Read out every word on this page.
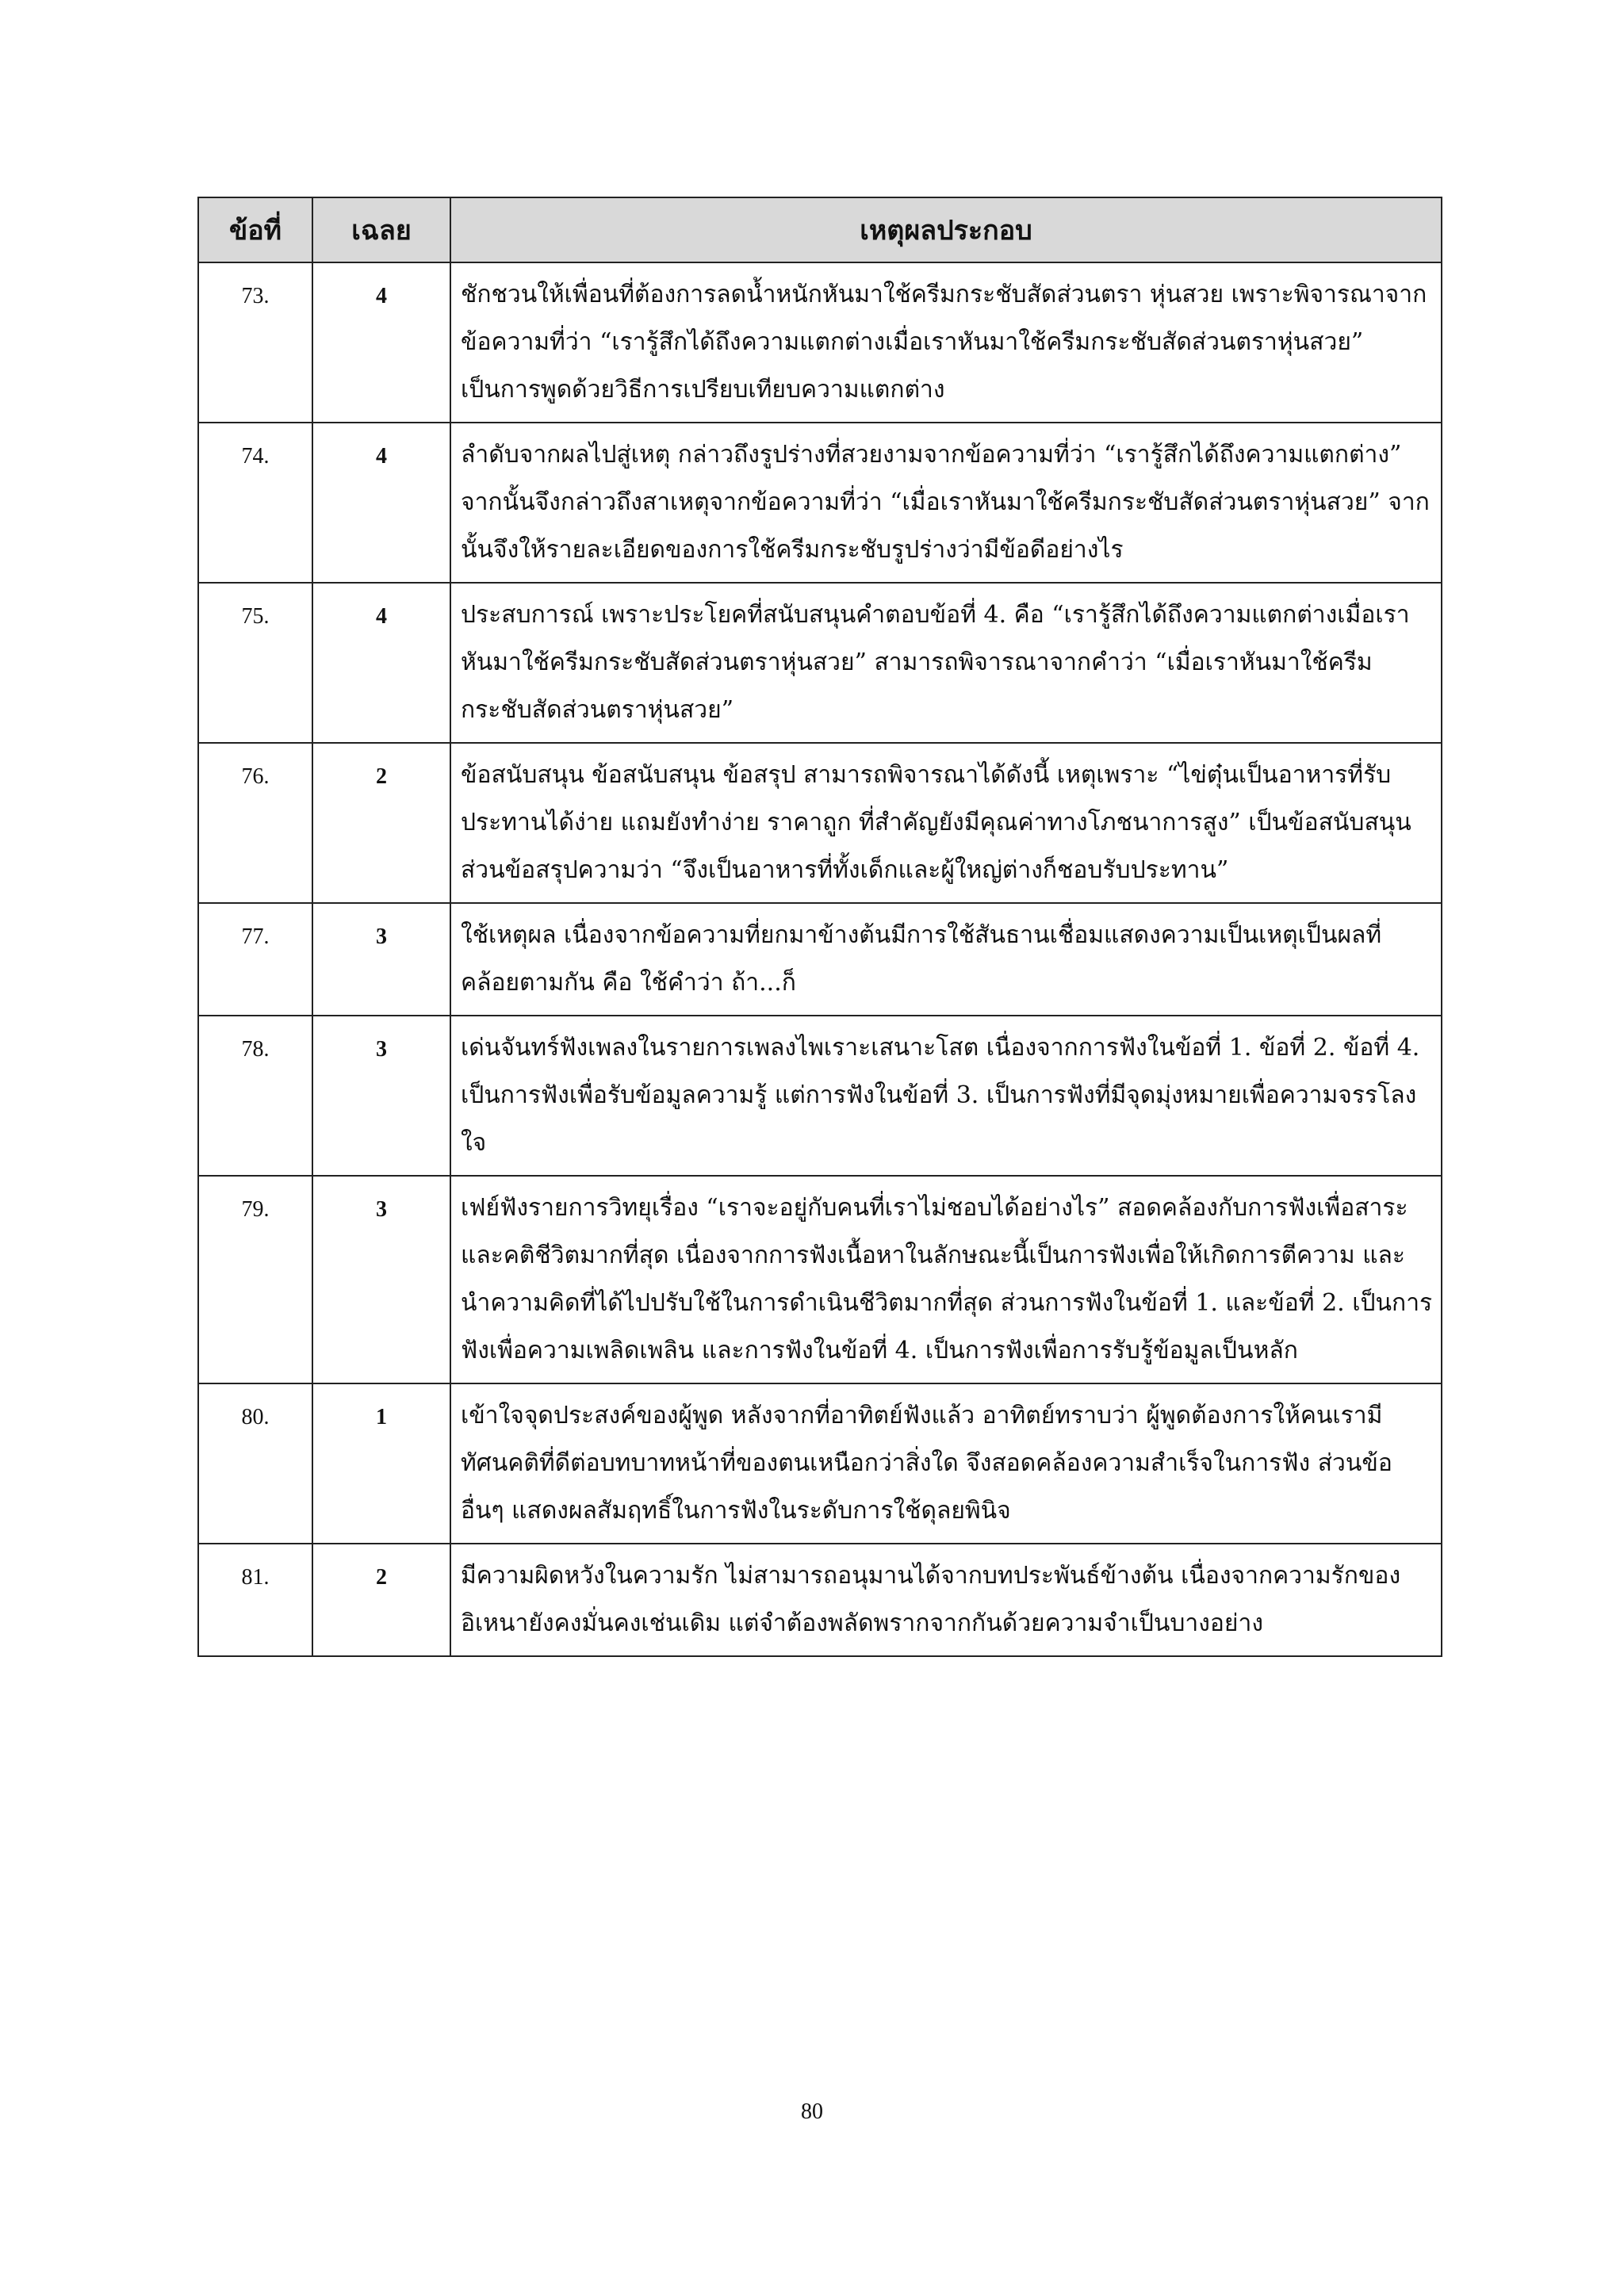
ข้อที่	เฉลย	เหตุผลประกอบ
73.	4	ชักชวนให้เพื่อนที่ต้องการลดน้ำหนักหันมาใช้ครีมกระชับสัดส่วนตรา หุ่นสวย เพราะพิจารณาจากข้อความที่ว่า “เรารู้สึกได้ถึงความแตกต่างเมื่อเราหันมาใช้ครีมกระชับสัดส่วนตราหุ่นสวย” เป็นการพูดด้วยวิธีการเปรียบเทียบความแตกต่าง
74.	4	ลำดับจากผลไปสู่เหตุ กล่าวถึงรูปร่างที่สวยงามจากข้อความที่ว่า “เรารู้สึกได้ถึงความแตกต่าง” จากนั้นจึงกล่าวถึงสาเหตุจากข้อความที่ว่า “เมื่อเราหันมาใช้ครีมกระชับสัดส่วนตราหุ่นสวย” จากนั้นจึงให้รายละเอียดของการใช้ครีมกระชับรูปร่างว่ามีข้อดีอย่างไร
75.	4	ประสบการณ์ เพราะประโยคที่สนับสนุนคำตอบข้อที่ 4. คือ “เรารู้สึกได้ถึงความแตกต่างเมื่อเราหันมาใช้ครีมกระชับสัดส่วนตราหุ่นสวย” สามารถพิจารณาจากคำว่า “เมื่อเราหันมาใช้ครีมกระชับสัดส่วนตราหุ่นสวย”
76.	2	ข้อสนับสนุน ข้อสนับสนุน ข้อสรุป สามารถพิจารณาได้ดังนี้ เหตุเพราะ “ไข่ตุ๋นเป็นอาหารที่รับประทานได้ง่าย แถมยังทำง่าย ราคาถูก ที่สำคัญยังมีคุณค่าทางโภชนาการสูง” เป็นข้อสนับสนุน ส่วนข้อสรุปความว่า “จึงเป็นอาหารที่ทั้งเด็กและผู้ใหญ่ต่างก็ชอบรับประทาน”
77.	3	ใช้เหตุผล เนื่องจากข้อความที่ยกมาข้างต้นมีการใช้สันธานเชื่อมแสดงความเป็นเหตุเป็นผลที่คล้อยตามกัน คือ ใช้คำว่า ถ้า...ก็
78.	3	เด่นจันทร์ฟังเพลงในรายการเพลงไพเราะเสนาะโสต เนื่องจากการฟังในข้อที่ 1. ข้อที่ 2. ข้อที่ 4. เป็นการฟังเพื่อรับข้อมูลความรู้ แต่การฟังในข้อที่ 3. เป็นการฟังที่มีจุดมุ่งหมายเพื่อความจรรโลงใจ
79.	3	เฟย์ฟังรายการวิทยุเรื่อง “เราจะอยู่กับคนที่เราไม่ชอบได้อย่างไร” สอดคล้องกับการฟังเพื่อสาระและคติชีวิตมากที่สุด เนื่องจากการฟังเนื้อหาในลักษณะนี้เป็นการฟังเพื่อให้เกิดการตีความ และนำความคิดที่ได้ไปปรับใช้ในการดำเนินชีวิตมากที่สุด ส่วนการฟังในข้อที่ 1. และข้อที่ 2. เป็นการฟังเพื่อความเพลิดเพลิน และการฟังในข้อที่ 4. เป็นการฟังเพื่อการรับรู้ข้อมูลเป็นหลัก
80.	1	เข้าใจจุดประสงค์ของผู้พูด หลังจากที่อาทิตย์ฟังแล้ว อาทิตย์ทราบว่า ผู้พูดต้องการให้คนเรามีทัศนคติที่ดีต่อบทบาทหน้าที่ของตนเหนือกว่าสิ่งใด จึงสอดคล้องความสำเร็จในการฟัง ส่วนข้ออื่นๆ แสดงผลสัมฤทธิ์ในการฟังในระดับการใช้ดุลยพินิจ
81.	2	มีความผิดหวังในความรัก ไม่สามารถอนุมานได้จากบทประพันธ์ข้างต้น เนื่องจากความรักของอิเหนายังคงมั่นคงเช่นเดิม แต่จำต้องพลัดพรากจากกันด้วยความจำเป็นบางอย่าง
80
